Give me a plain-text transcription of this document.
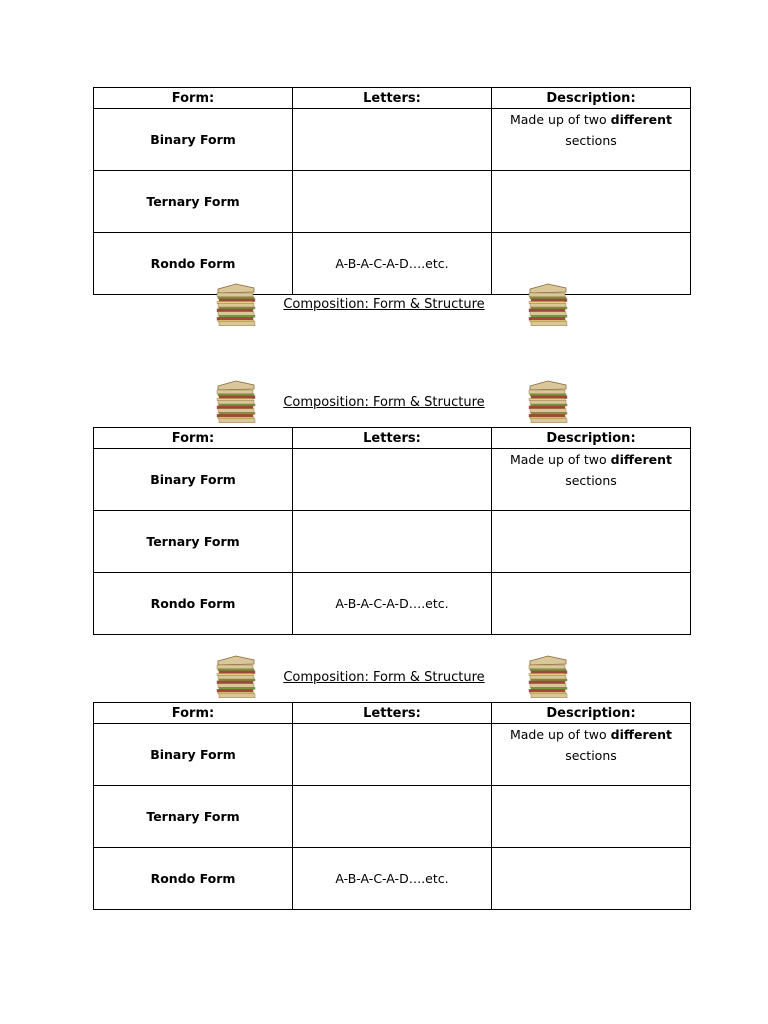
Form:	Letters:	Description:
Binary Form		Made up of two different
sections
Ternary Form		
Rondo Form	A-B-A-C-A-D….etc.	
Composition: Form & Structure
Composition: Form & Structure
Form:	Letters:	Description:
Binary Form		Made up of two different
sections
Ternary Form		
Rondo Form	A-B-A-C-A-D….etc.	
Composition: Form & Structure
Form:	Letters:	Description:
Binary Form		Made up of two different
sections
Ternary Form		
Rondo Form	A-B-A-C-A-D….etc.	
